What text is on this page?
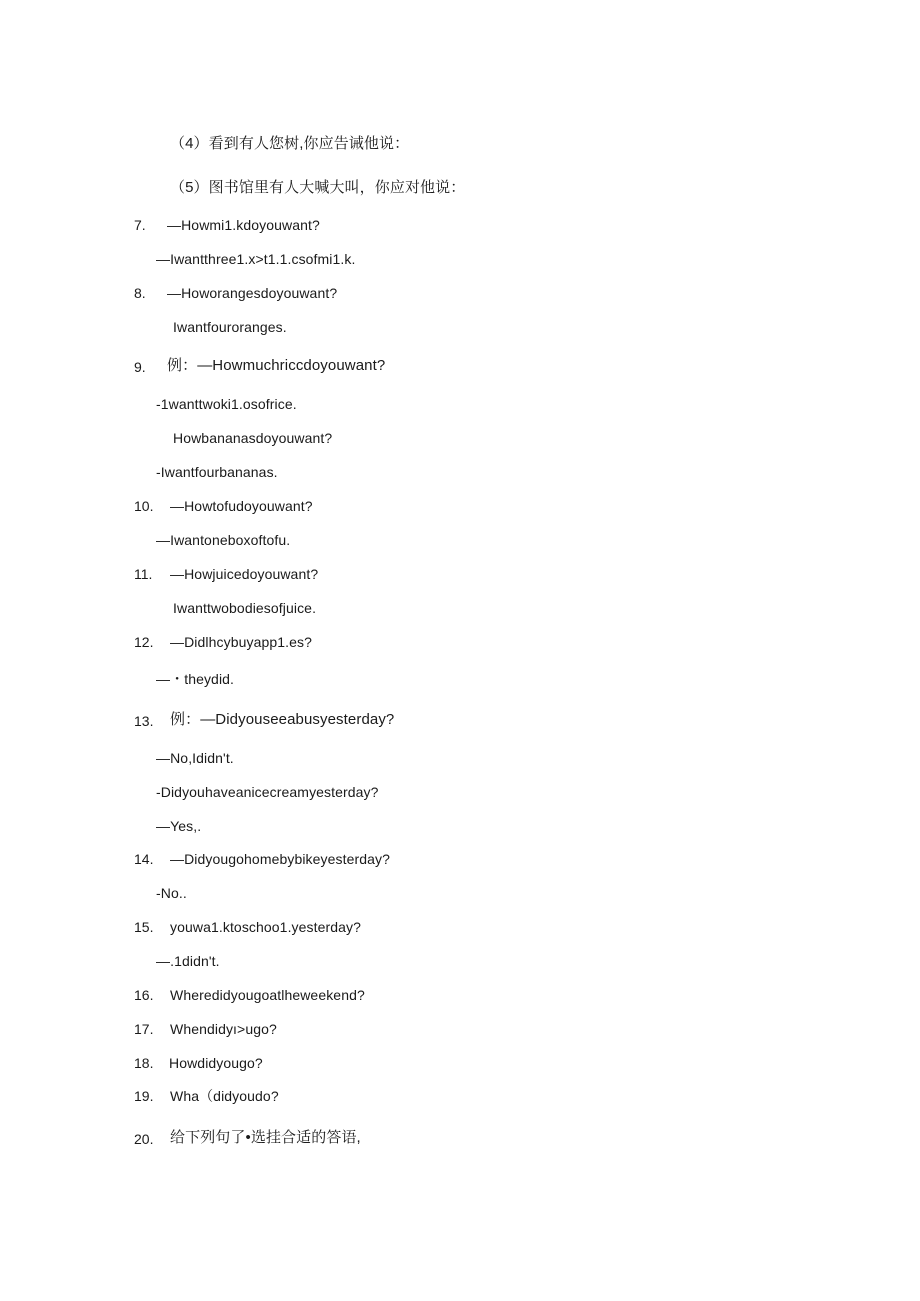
（4）看到有人您树,你应告诫他说：
（5）图书馆里有人大喊大叫，你应对他说：
7. —Howmi1.kdoyouwant?
—Iwantthree1.x>t1.1.csofmi1.k.
8. —Howorangesdoyouwant?
Iwantfouroranges.
9. 例：—Howmuchriccdoyouwant?
-1wanttwoki1.osofrice.
Howbananasdoyouwant?
-Iwantfourbananas.
10. —Howtofudoyouwant?
—Iwantoneboxoftofu.
11. —Howjuicedoyouwant?
Iwanttwobodiesofjuice.
12. —Didlhcybuyapp1.es?
—・theydid.
13. 例：—Didyouseeabusyesterday?
—No,Ididn't.
-Didyouhaveanicecreamyesterday?
—Yes,.
14. —Didyougohomebybikeyesterday?
-No..
15. youwa1.ktoschoo1.yesterday?
—.1didn't.
16. Wheredidyougoatlheweekend?
17. Whendidyı>ugo?
18. Howdidyougo?
19. Wha（didyoudo?
20. 给下列句了•选挂合适的答语,
